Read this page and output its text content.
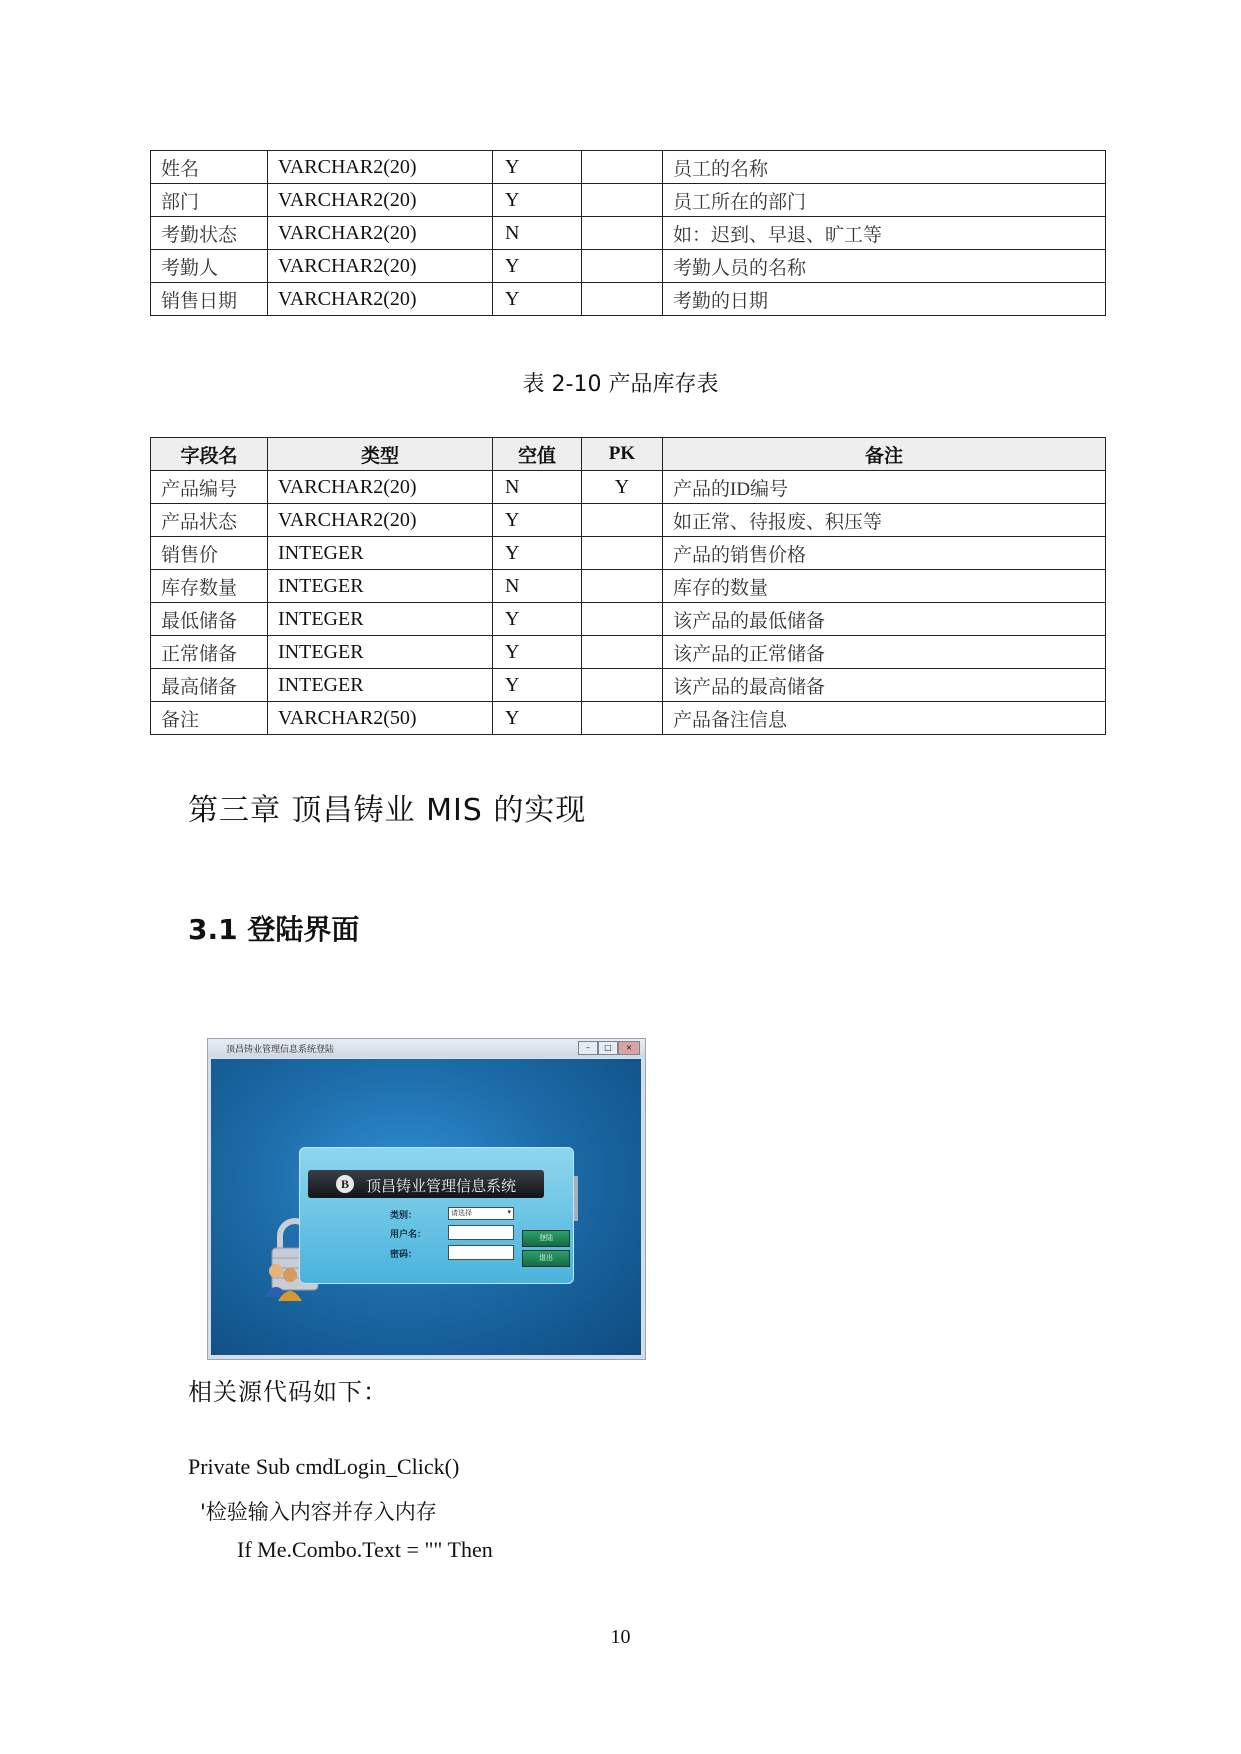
姓名	VARCHAR2(20)	Y		员工的名称
部门	VARCHAR2(20)	Y		员工所在的部门
考勤状态	VARCHAR2(20)	N		如：迟到、早退、旷工等
考勤人	VARCHAR2(20)	Y		考勤人员的名称
销售日期	VARCHAR2(20)	Y		考勤的日期
表 2-10 产品库存表
字段名	类型	空值	PK	备注
产品编号	VARCHAR2(20)	N	Y	产品的ID编号
产品状态	VARCHAR2(20)	Y		如正常、待报废、积压等
销售价	INTEGER	Y		产品的销售价格
库存数量	INTEGER	N		库存的数量
最低储备	INTEGER	Y		该产品的最低储备
正常储备	INTEGER	Y		该产品的正常储备
最高储备	INTEGER	Y		该产品的最高储备
备注	VARCHAR2(50)	Y		产品备注信息
第三章 顶昌铸业 MIS 的实现
3.1 登陆界面
顶昌铸业管理信息系统登陆	–	□	×
B	顶昌铸业管理信息系统
类别：	请选择	▾
用户名：
密码：
登陆
退出
相关源代码如下：
Private Sub cmdLogin_Click()
'检验输入内容并存入内存
If Me.Combo.Text = "" Then
10
